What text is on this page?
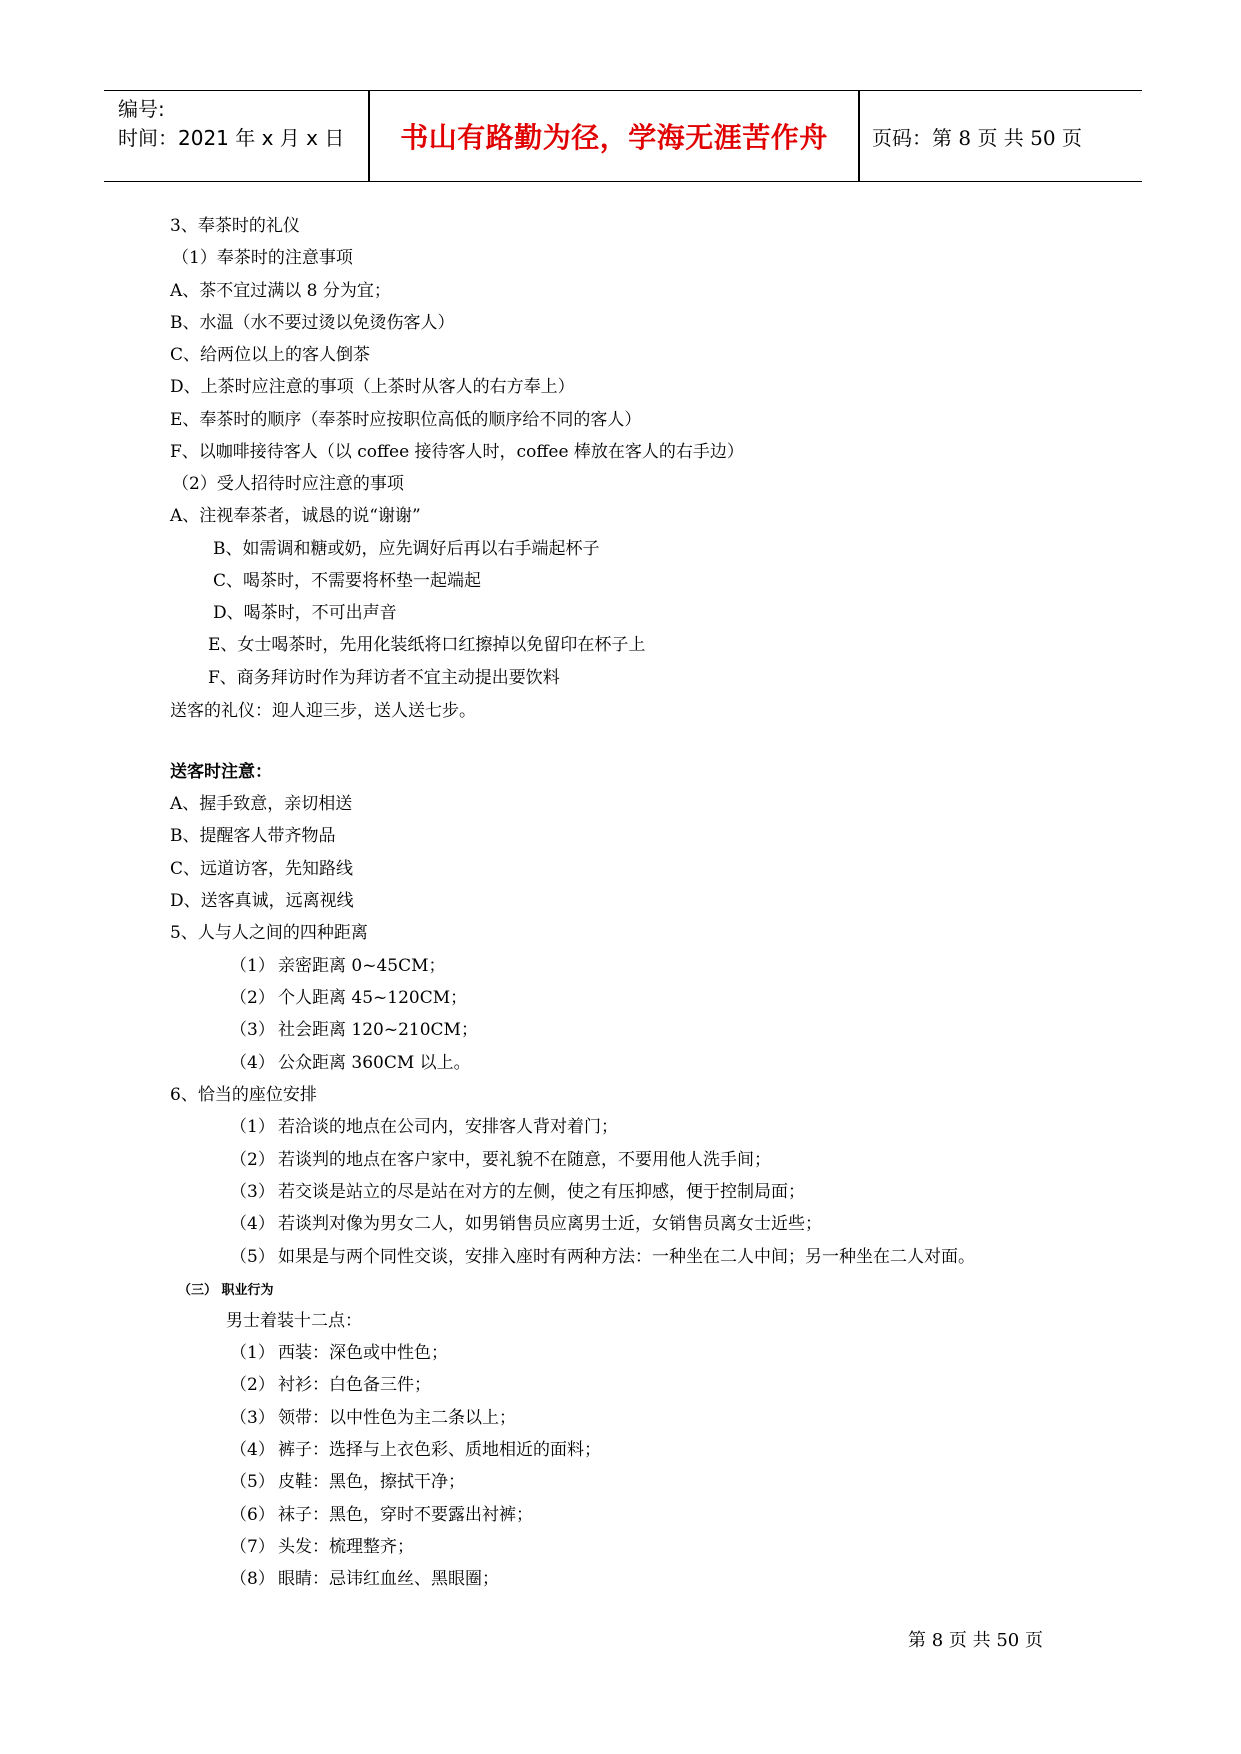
编号:
时间：2021 年 x 月 x 日	书山有路勤为径，学海无涯苦作舟	页码：第 8 页 共 50 页
3、奉茶时的礼仪
（1）奉茶时的注意事项
A、茶不宜过满以 8 分为宜；
B、水温（水不要过烫以免烫伤客人）
C、给两位以上的客人倒茶
D、上茶时应注意的事项（上茶时从客人的右方奉上）
E、奉茶时的顺序（奉茶时应按职位高低的顺序给不同的客人）
F、以咖啡接待客人（以 coffee 接待客人时，coffee 棒放在客人的右手边）
（2）受人招待时应注意的事项
A、注视奉茶者，诚恳的说“谢谢”
B、如需调和糖或奶，应先调好后再以右手端起杯子
C、喝茶时，不需要将杯垫一起端起
D、喝茶时，不可出声音
E、女士喝茶时，先用化装纸将口红擦掉以免留印在杯子上
F、商务拜访时作为拜访者不宜主动提出要饮料
送客的礼仪：迎人迎三步，送人送七步。
送客时注意：
A、握手致意，亲切相送
B、提醒客人带齐物品
C、远道访客，先知路线
D、送客真诚，远离视线
5、人与人之间的四种距离
（1） 亲密距离 0~45CM；
（2） 个人距离 45~120CM；
（3） 社会距离 120~210CM；
（4） 公众距离 360CM 以上。
6、恰当的座位安排
（1） 若洽谈的地点在公司内，安排客人背对着门；
（2） 若谈判的地点在客户家中，要礼貌不在随意，不要用他人洗手间；
（3） 若交谈是站立的尽是站在对方的左侧，使之有压抑感，便于控制局面；
（4） 若谈判对像为男女二人，如男销售员应离男士近，女销售员离女士近些；
（5） 如果是与两个同性交谈，安排入座时有两种方法：一种坐在二人中间；另一种坐在二人对面。
（三） 职业行为
男士着装十二点：
（1） 西装：深色或中性色；
（2） 衬衫：白色备三件；
（3） 领带：以中性色为主二条以上；
（4） 裤子：选择与上衣色彩、质地相近的面料；
（5） 皮鞋：黑色，擦拭干净；
（6） 袜子：黑色，穿时不要露出衬裤；
（7） 头发：梳理整齐；
（8） 眼睛：忌讳红血丝、黑眼圈；
第 8 页 共 50 页
